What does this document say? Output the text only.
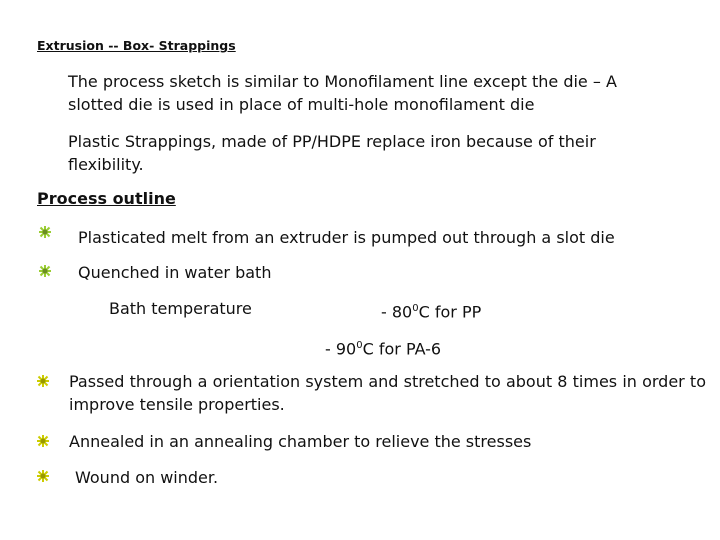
Extrusion -- Box- Strappings
The process sketch is similar to Monofilament line except the die – A slotted die is used in place of multi-hole monofilament die
Plastic Strappings, made of PP/HDPE replace iron because of their flexibility.
Process outline
Plasticated melt from an extruder is pumped out through a slot die
Quenched in water bath
Bath temperature	- $80^0C$ for PP
- $90^0C$ for PA-6
Passed through a orientation system and stretched to about 8 times in order to improve tensile properties.
Annealed in an annealing chamber to relieve the stresses
Wound on winder.
